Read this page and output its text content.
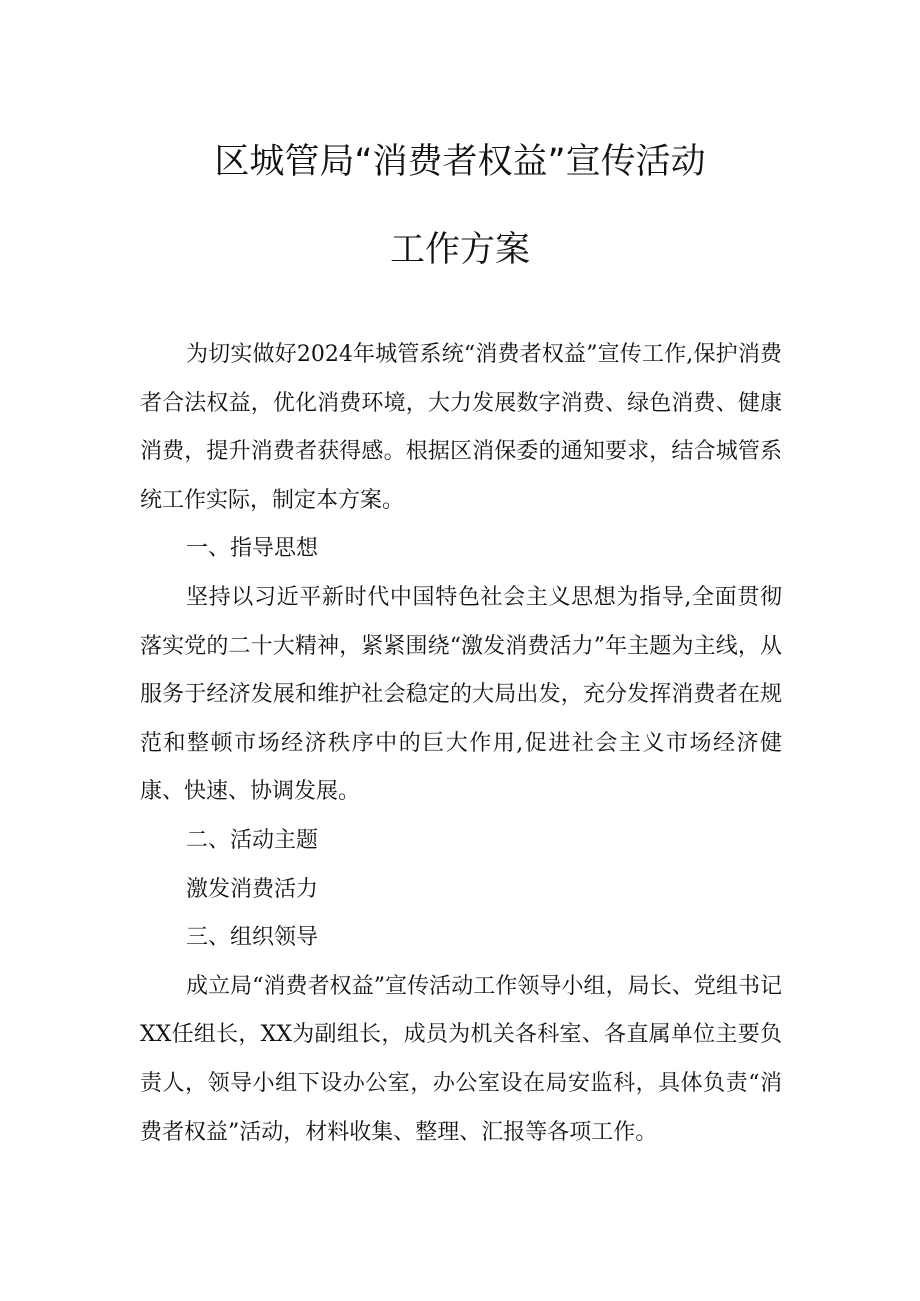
区城管局“消费者权益”宣传活动
工作方案

为切实做好2024年城管系统“消费者权益”宣传工作,保护消费者合法权益，优化消费环境，大力发展数字消费、绿色消费、健康消费，提升消费者获得感。根据区消保委的通知要求，结合城管系统工作实际，制定本方案。

一、指导思想

坚持以习近平新时代中国特色社会主义思想为指导,全面贯彻落实党的二十大精神，紧紧围绕“激发消费活力”年主题为主线，从服务于经济发展和维护社会稳定的大局出发，充分发挥消费者在规范和整顿市场经济秩序中的巨大作用,促进社会主义市场经济健康、快速、协调发展。

二、活动主题

激发消费活力

三、组织领导

成立局“消费者权益”宣传活动工作领导小组，局长、党组书记XX任组长，XX为副组长，成员为机关各科室、各直属单位主要负责人，领导小组下设办公室，办公室设在局安监科，具体负责“消费者权益”活动，材料收集、整理、汇报等各项工作。
